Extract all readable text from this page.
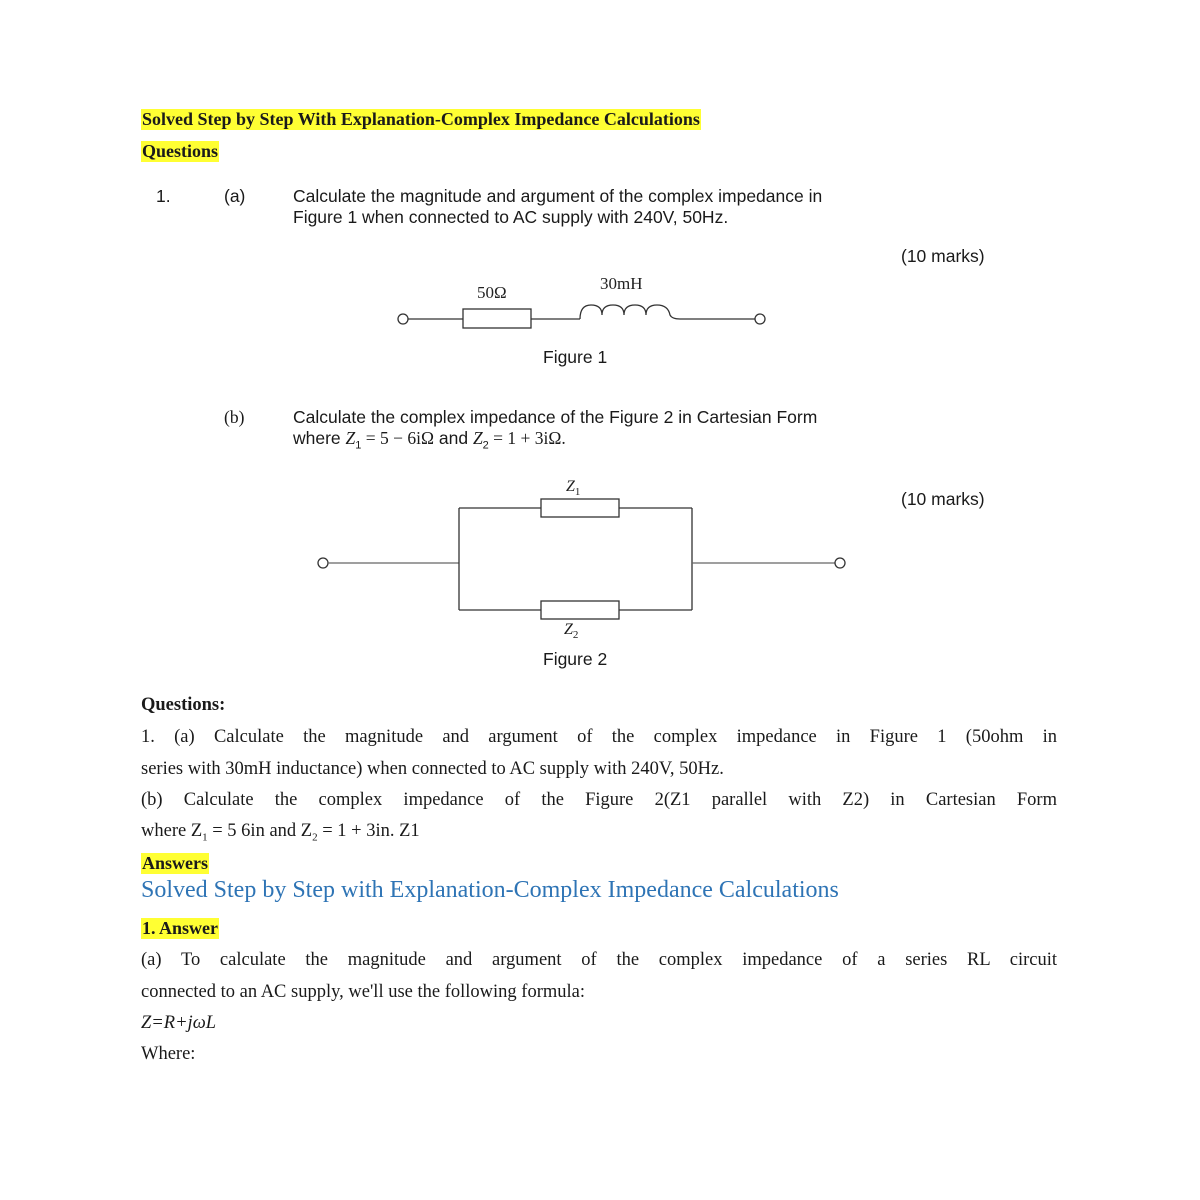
Solved Step by Step With Explanation-Complex Impedance Calculations
Questions
1.	(a)	Calculate the magnitude and argument of the complex impedance in
Figure 1 when connected to AC supply with 240V, 50Hz.
(10 marks)
50Ω	30mH
Figure 1
(b)	Calculate the complex impedance of the Figure 2 in Cartesian Form
where $Z_1 = 5 - 6i\Omega$ and $Z_2 = 1 + 3i\Omega$.
(10 marks)
$Z_1$
$Z_2$
Figure 2
Questions:
1. (a) Calculate the magnitude and argument of the complex impedance in Figure 1 (50ohm in
series with 30mH inductance) when connected to AC supply with 240V, 50Hz.
(b) Calculate the complex impedance of the Figure 2(Z1 parallel with Z2) in Cartesian Form
where $Z_1 = 5$ 6in and $Z_2 = 1 + 3in$. Z1
Answers
Solved Step by Step with Explanation-Complex Impedance Calculations
1. Answer
(a) To calculate the magnitude and argument of the complex impedance of a series RL circuit
connected to an AC supply, we'll use the following formula:
Z=R+jωL
Where:
